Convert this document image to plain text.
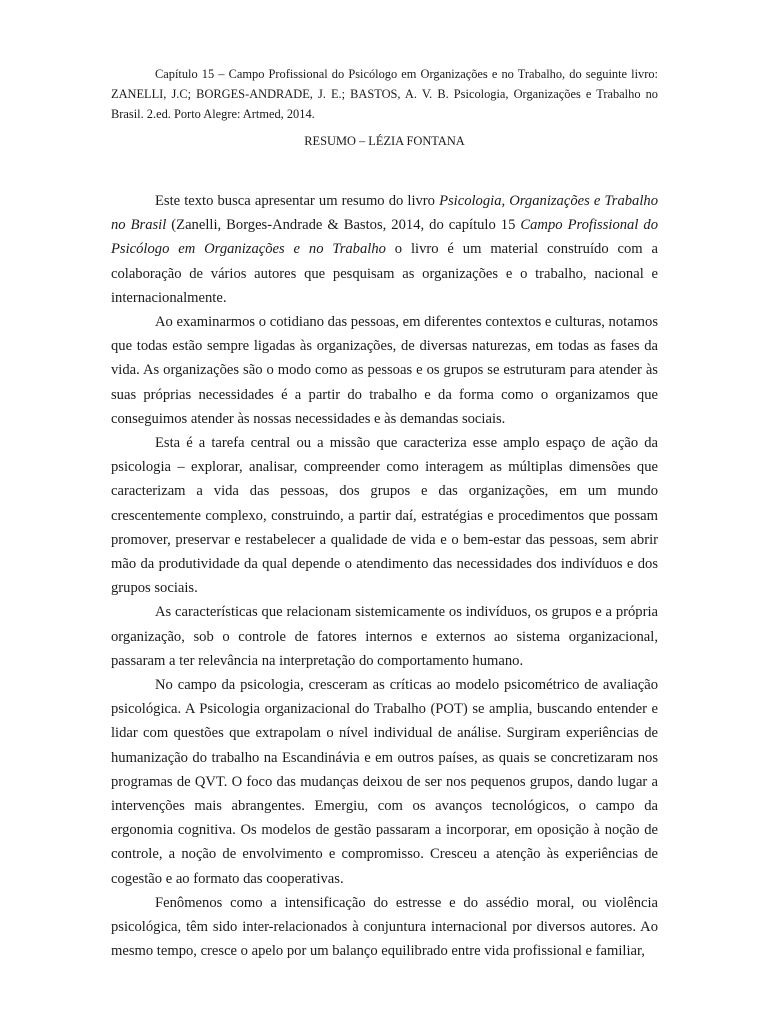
Capítulo 15 – Campo Profissional do Psicólogo em Organizações e no Trabalho, do seguinte livro: ZANELLI, J.C; BORGES-ANDRADE, J. E.; BASTOS, A. V. B. Psicologia, Organizações e Trabalho no Brasil. 2.ed. Porto Alegre: Artmed, 2014.

RESUMO – LÉZIA FONTANA

Este texto busca apresentar um resumo do livro Psicologia, Organizações e Trabalho no Brasil (Zanelli, Borges-Andrade & Bastos, 2014, do capítulo 15 Campo Profissional do Psicólogo em Organizações e no Trabalho o livro é um material construído com a colaboração de vários autores que pesquisam as organizações e o trabalho, nacional e internacionalmente.

Ao examinarmos o cotidiano das pessoas, em diferentes contextos e culturas, notamos que todas estão sempre ligadas às organizações, de diversas naturezas, em todas as fases da vida. As organizações são o modo como as pessoas e os grupos se estruturam para atender às suas próprias necessidades é a partir do trabalho e da forma como o organizamos que conseguimos atender às nossas necessidades e às demandas sociais.

Esta é a tarefa central ou a missão que caracteriza esse amplo espaço de ação da psicologia – explorar, analisar, compreender como interagem as múltiplas dimensões que caracterizam a vida das pessoas, dos grupos e das organizações, em um mundo crescentemente complexo, construindo, a partir daí, estratégias e procedimentos que possam promover, preservar e restabelecer a qualidade de vida e o bem-estar das pessoas, sem abrir mão da produtividade da qual depende o atendimento das necessidades dos indivíduos e dos grupos sociais.

As características que relacionam sistemicamente os indivíduos, os grupos e a própria organização, sob o controle de fatores internos e externos ao sistema organizacional, passaram a ter relevância na interpretação do comportamento humano.

No campo da psicologia, cresceram as críticas ao modelo psicométrico de avaliação psicológica. A Psicologia organizacional do Trabalho (POT) se amplia, buscando entender e lidar com questões que extrapolam o nível individual de análise. Surgiram experiências de humanização do trabalho na Escandinávia e em outros países, as quais se concretizaram nos programas de QVT. O foco das mudanças deixou de ser nos pequenos grupos, dando lugar a intervenções mais abrangentes. Emergiu, com os avanços tecnológicos, o campo da ergonomia cognitiva. Os modelos de gestão passaram a incorporar, em oposição à noção de controle, a noção de envolvimento e compromisso. Cresceu a atenção às experiências de cogestão e ao formato das cooperativas.

Fenômenos como a intensificação do estresse e do assédio moral, ou violência psicológica, têm sido inter-relacionados à conjuntura internacional por diversos autores. Ao mesmo tempo, cresce o apelo por um balanço equilibrado entre vida profissional e familiar,
